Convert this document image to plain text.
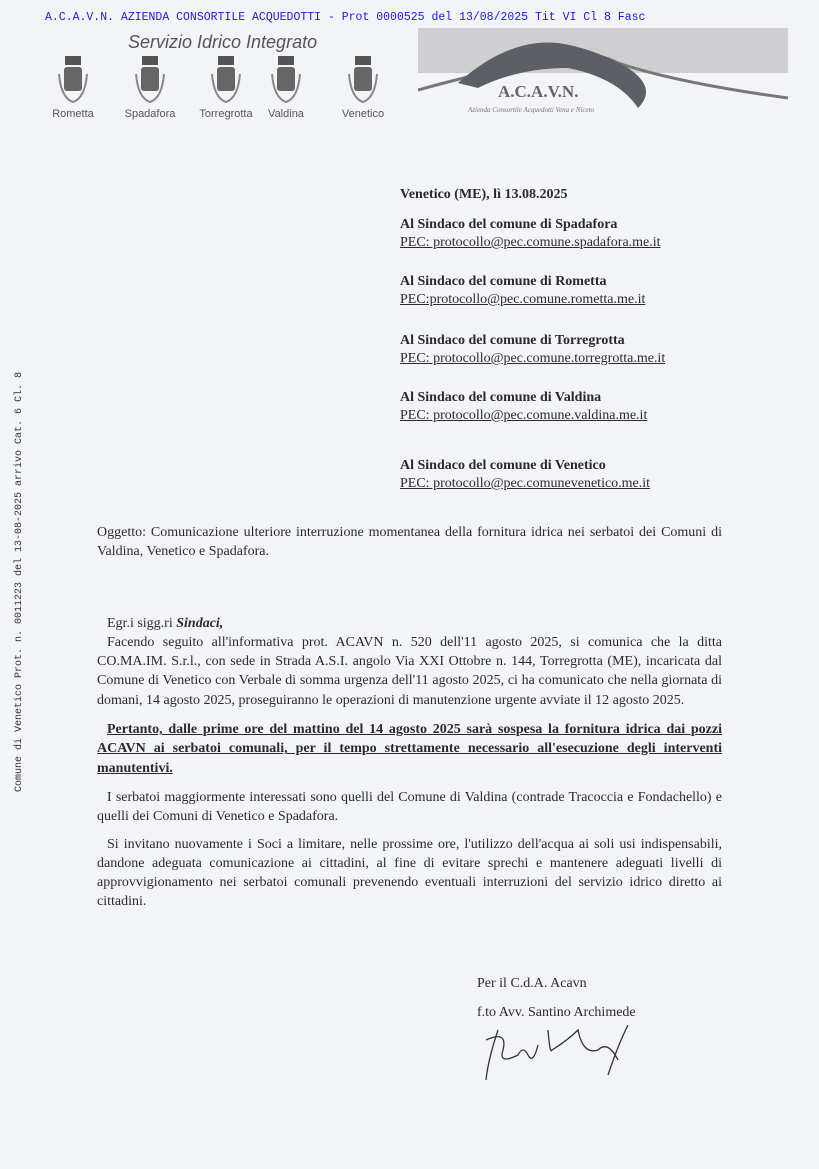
A.C.A.V.N. AZIENDA CONSORTILE ACQUEDOTTI - Prot 0000525 del 13/08/2025 Tit VI Cl 8 Fasc
Comune di Venetico Prot. n. 0011223 del 13-08-2025 arrivo Cat. 6 Cl. 8
Servizio Idrico Integrato
Rometta	Spadafora	Torregrotta	Valdina	Venetico
A.C.A.V.N.
Azienda Consortile Acquedotti Vena e Niceto
Venetico (ME), lì 13.08.2025
Al Sindaco del comune di Spadafora
PEC: protocollo@pec.comune.spadafora.me.it
Al Sindaco del comune di Rometta
PEC:protocollo@pec.comune.rometta.me.it
Al Sindaco del comune di Torregrotta
PEC: protocollo@pec.comune.torregrotta.me.it
Al Sindaco del comune di Valdina
PEC: protocollo@pec.comune.valdina.me.it
Al Sindaco del comune di Venetico
PEC: protocollo@pec.comunevenetico.me.it

Oggetto: Comunicazione ulteriore interruzione momentanea della fornitura idrica nei serbatoi dei Comuni di Valdina, Venetico e Spadafora.

Egr.i sigg.ri Sindaci,

Facendo seguito all'informativa prot. ACAVN n. 520 dell'11 agosto 2025, si comunica che la ditta CO.MA.IM. S.r.l., con sede in Strada A.S.I. angolo Via XXI Ottobre n. 144, Torregrotta (ME), incaricata dal Comune di Venetico con Verbale di somma urgenza dell'11 agosto 2025, ci ha comunicato che nella giornata di domani, 14 agosto 2025, proseguiranno le operazioni di manutenzione urgente avviate il 12 agosto 2025.

Pertanto, dalle prime ore del mattino del 14 agosto 2025 sarà sospesa la fornitura idrica dai pozzi ACAVN ai serbatoi comunali, per il tempo strettamente necessario all'esecuzione degli interventi manutentivi.

I serbatoi maggiormente interessati sono quelli del Comune di Valdina (contrade Tracoccia e Fondachello) e quelli dei Comuni di Venetico e Spadafora.

Si invitano nuovamente i Soci a limitare, nelle prossime ore, l'utilizzo dell'acqua ai soli usi indispensabili, dandone adeguata comunicazione ai cittadini, al fine di evitare sprechi e mantenere adeguati livelli di approvvigionamento nei serbatoi comunali prevenendo eventuali interruzioni del servizio idrico diretto ai cittadini.

Per il C.d.A. Acavn
f.to Avv. Santino Archimede
